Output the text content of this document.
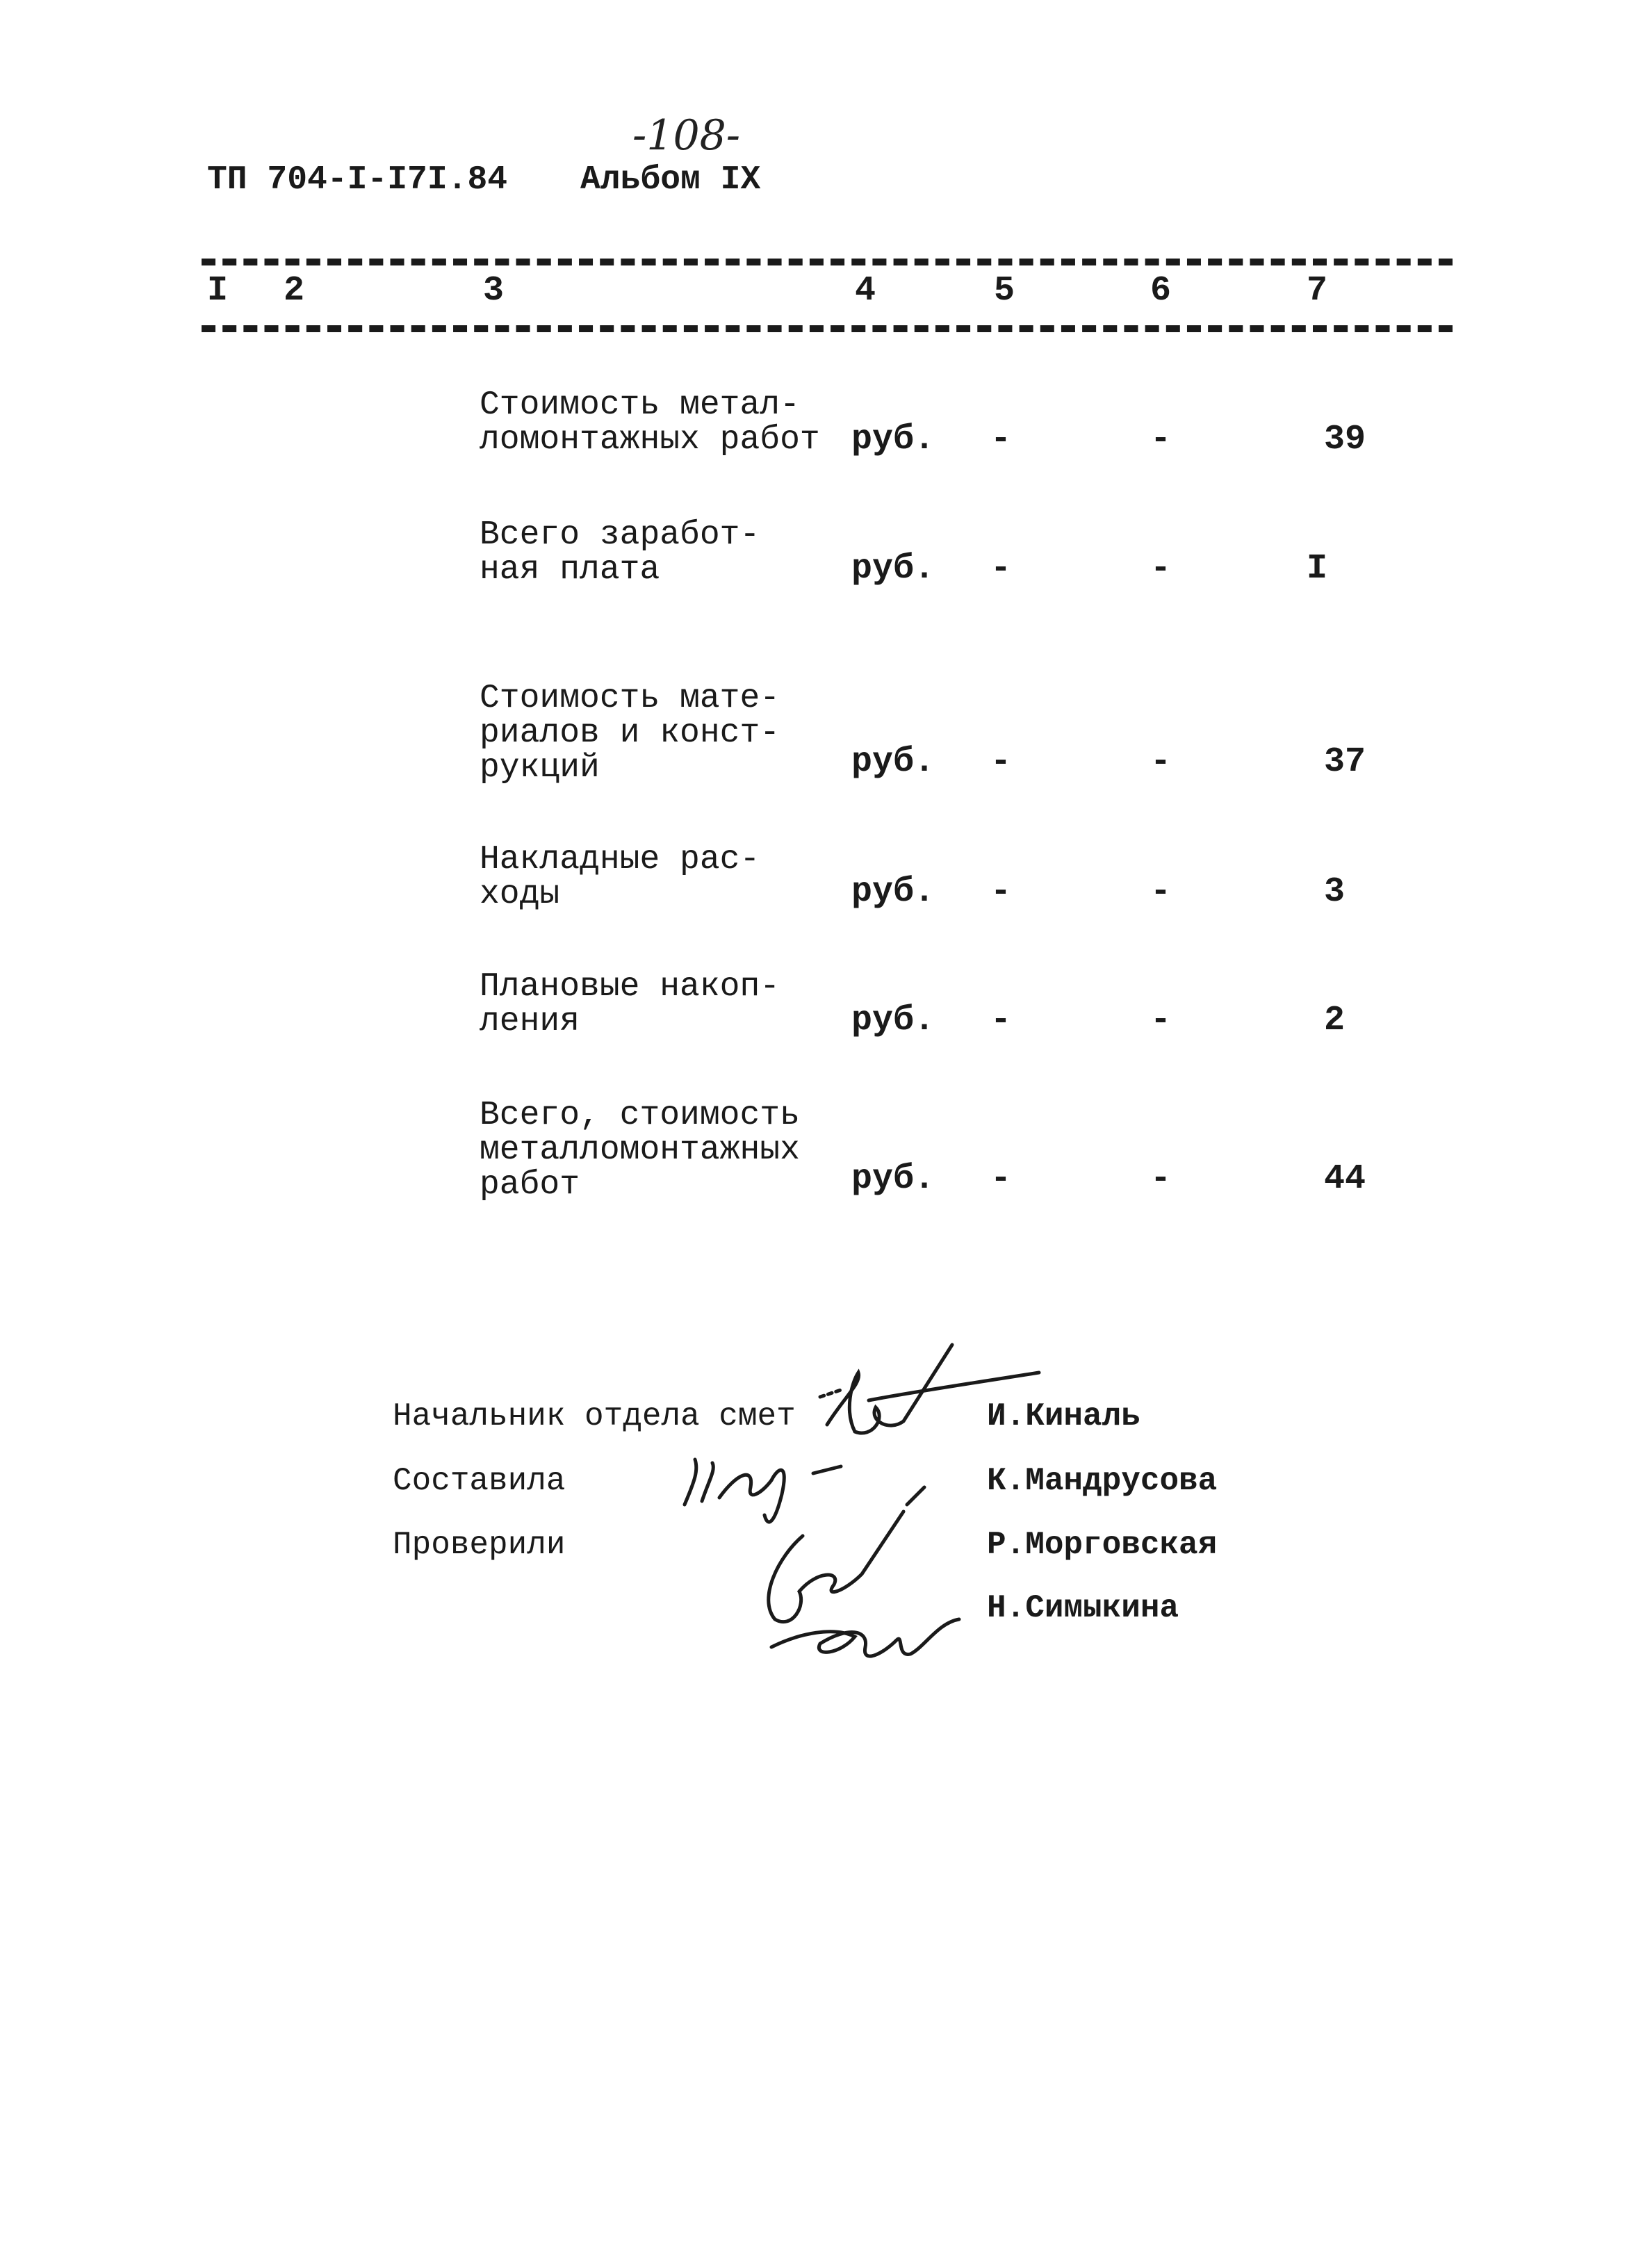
-108-
ТП 704-I-I7I.84 Альбом IX
I 2	3	4	5	6	7
Стоимость метал-
ломонтажных работ руб. -	-	39
Всего заработ-
ная плата	руб. -	-	I
Стоимость мате-
риалов и конст-
рукций	руб. -	-	37
Накладные рас-
ходы	руб. -	-	3
Плановые накоп-
ления	руб. -	-	2
Всего, стоимость
металломонтажных
работ	руб. -	-	44
Начальник отдела смет
Составила
Проверили
И.Киналь
К.Мандрусова
Р.Морговская
Н.Симыкина
